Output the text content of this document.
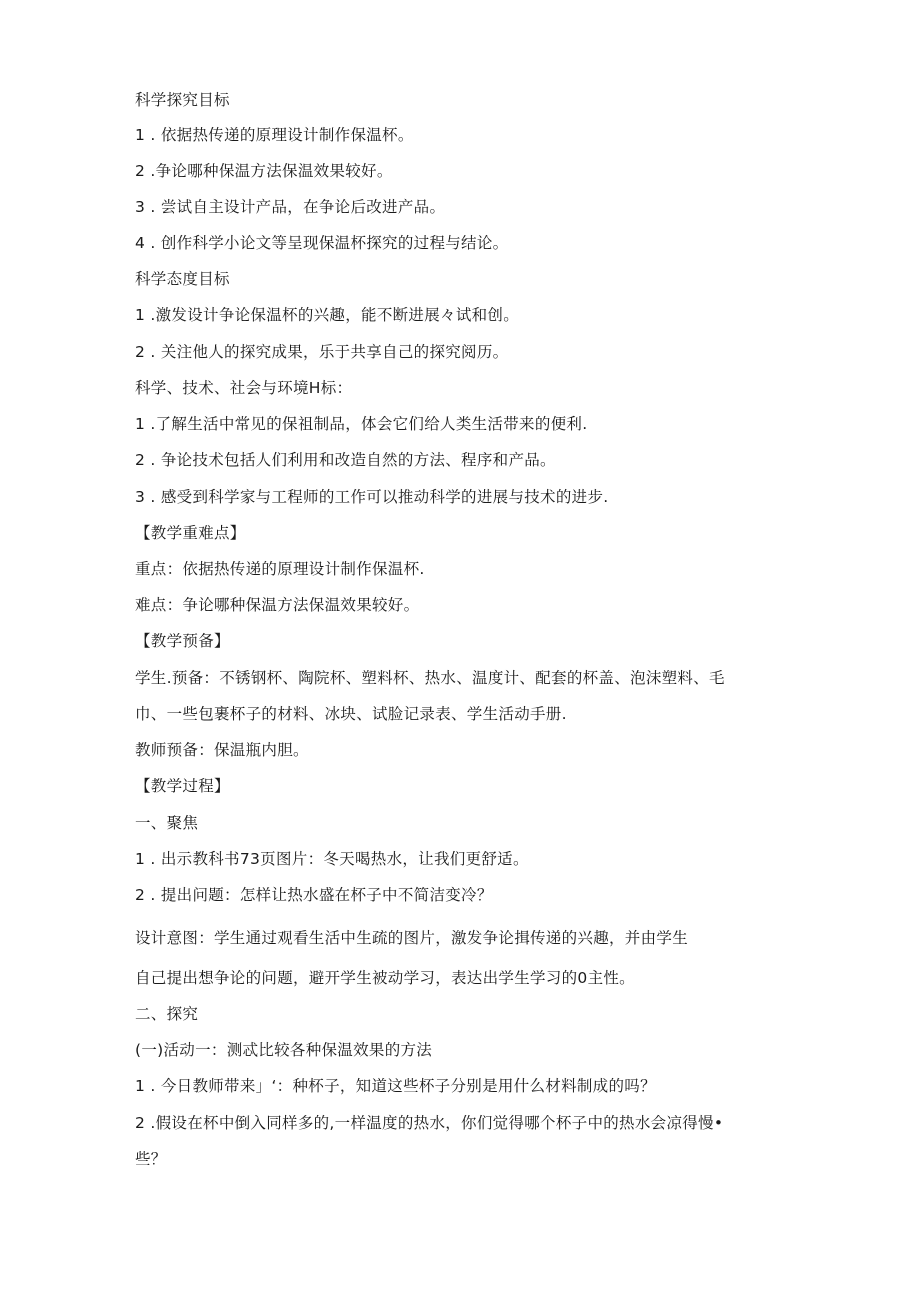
科学探究目标
1 . 依据热传递的原理设计制作保温杯。
2 .争论哪种保温方法保温效果较好。
3 . 尝试自主设计产品，在争论后改进产品。
4 . 创作科学小论文等呈现保温杯探究的过程与结论。
科学态度目标
1 .激发设计争论保温杯的兴趣，能不断进展々试和创。
2 . 关注他人的探究成果，乐于共享自己的探究阅历。
科学、技术、社会与环境H标：
1 .了解生活中常见的保祖制品，体会它们给人类生活带来的便利.
2 . 争论技术包括人们利用和改造自然的方法、程序和产品。
3 . 感受到科学家与工程师的工作可以推动科学的进展与技术的进步.
【教学重难点】
重点：依据热传递的原理设计制作保温杯.
难点：争论哪种保温方法保温效果较好。
【教学预备】
学生.预备：不锈钢杯、陶院杯、塑料杯、热水、温度计、配套的杯盖、泡沫塑料、毛
巾、一些包裹杯子的材料、冰块、试脸记录表、学生活动手册.
教师预备：保温瓶内胆。
【教学过程】
一、聚焦
1 . 出示教科书73页图片：冬天喝热水，让我们更舒适。
2 . 提出问题：怎样让热水盛在杯子中不简洁变冷？
设计意图：学生通过观看生活中生疏的图片，激发争论揖传递的兴趣，并由学生
自己提出想争论的问题，避开学生被动学习，表达出学生学习的0主性。
二、探究
(一)活动一：测忒比较各种保温效果的方法
1 . 今日教师带来」‘：种杯子，知道这些杯子分别是用什么材料制成的吗？
2 .假设在杯中倒入同样多的,一样温度的热水，你们觉得哪个杯子中的热水会凉得慢•
些？
